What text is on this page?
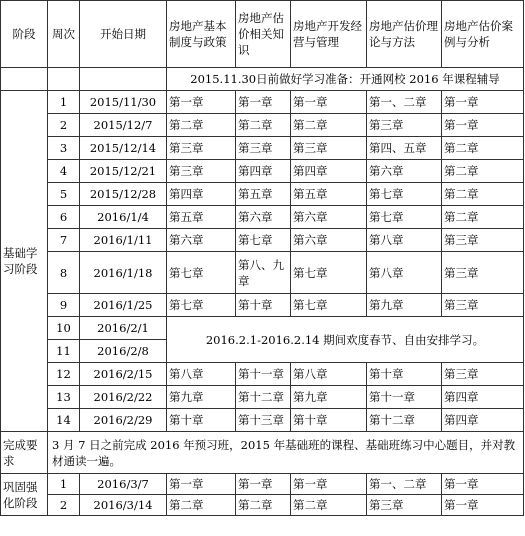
阶段	周次	开始日期	房地产基本制度与政策	房地产估价相关知识	房地产开发经营与管理	房地产估价理论与方法	房地产估价案例与分析
			2015.11.30日前做好学习准备：开通网校 2016 年课程辅导				
基础学习阶段	1	2015/11/30	第一章	第一章	第一章	第一、二章	第一章
	2	2015/12/7	第二章	第二章	第二章	第三章	第一章
	3	2015/12/14	第三章	第三章	第三章	第四、五章	第二章
	4	2015/12/21	第三章	第四章	第四章	第六章	第二章
	5	2015/12/28	第四章	第五章	第五章	第七章	第二章
	6	2016/1/4	第五章	第六章	第六章	第七章	第二章
	7	2016/1/11	第六章	第七章	第六章	第八章	第三章
	8	2016/1/18	第七章	第八、九章	第七章	第八章	第三章
	9	2016/1/25	第七章	第十章	第七章	第九章	第三章
	10	2016/2/1	2016.2.1-2016.2.14 期间欢度春节、自由安排学习。				
	11	2016/2/8					
	12	2016/2/15	第八章	第十一章	第八章	第十章	第三章
	13	2016/2/22	第九章	第十二章	第九章	第十一章	第四章
	14	2016/2/29	第十章	第十三章	第十章	第十二章	第四章
完成要求	3 月 7 日之前完成 2016 年预习班，2015 年基础班的课程、基础班练习中心题目，并对教材通读一遍。						
巩固强化阶段	1	2016/3/7	第一章	第一章	第一章	第一、二章	第一章
	2	2016/3/14	第二章	第二章	第二章	第三章	第一章
